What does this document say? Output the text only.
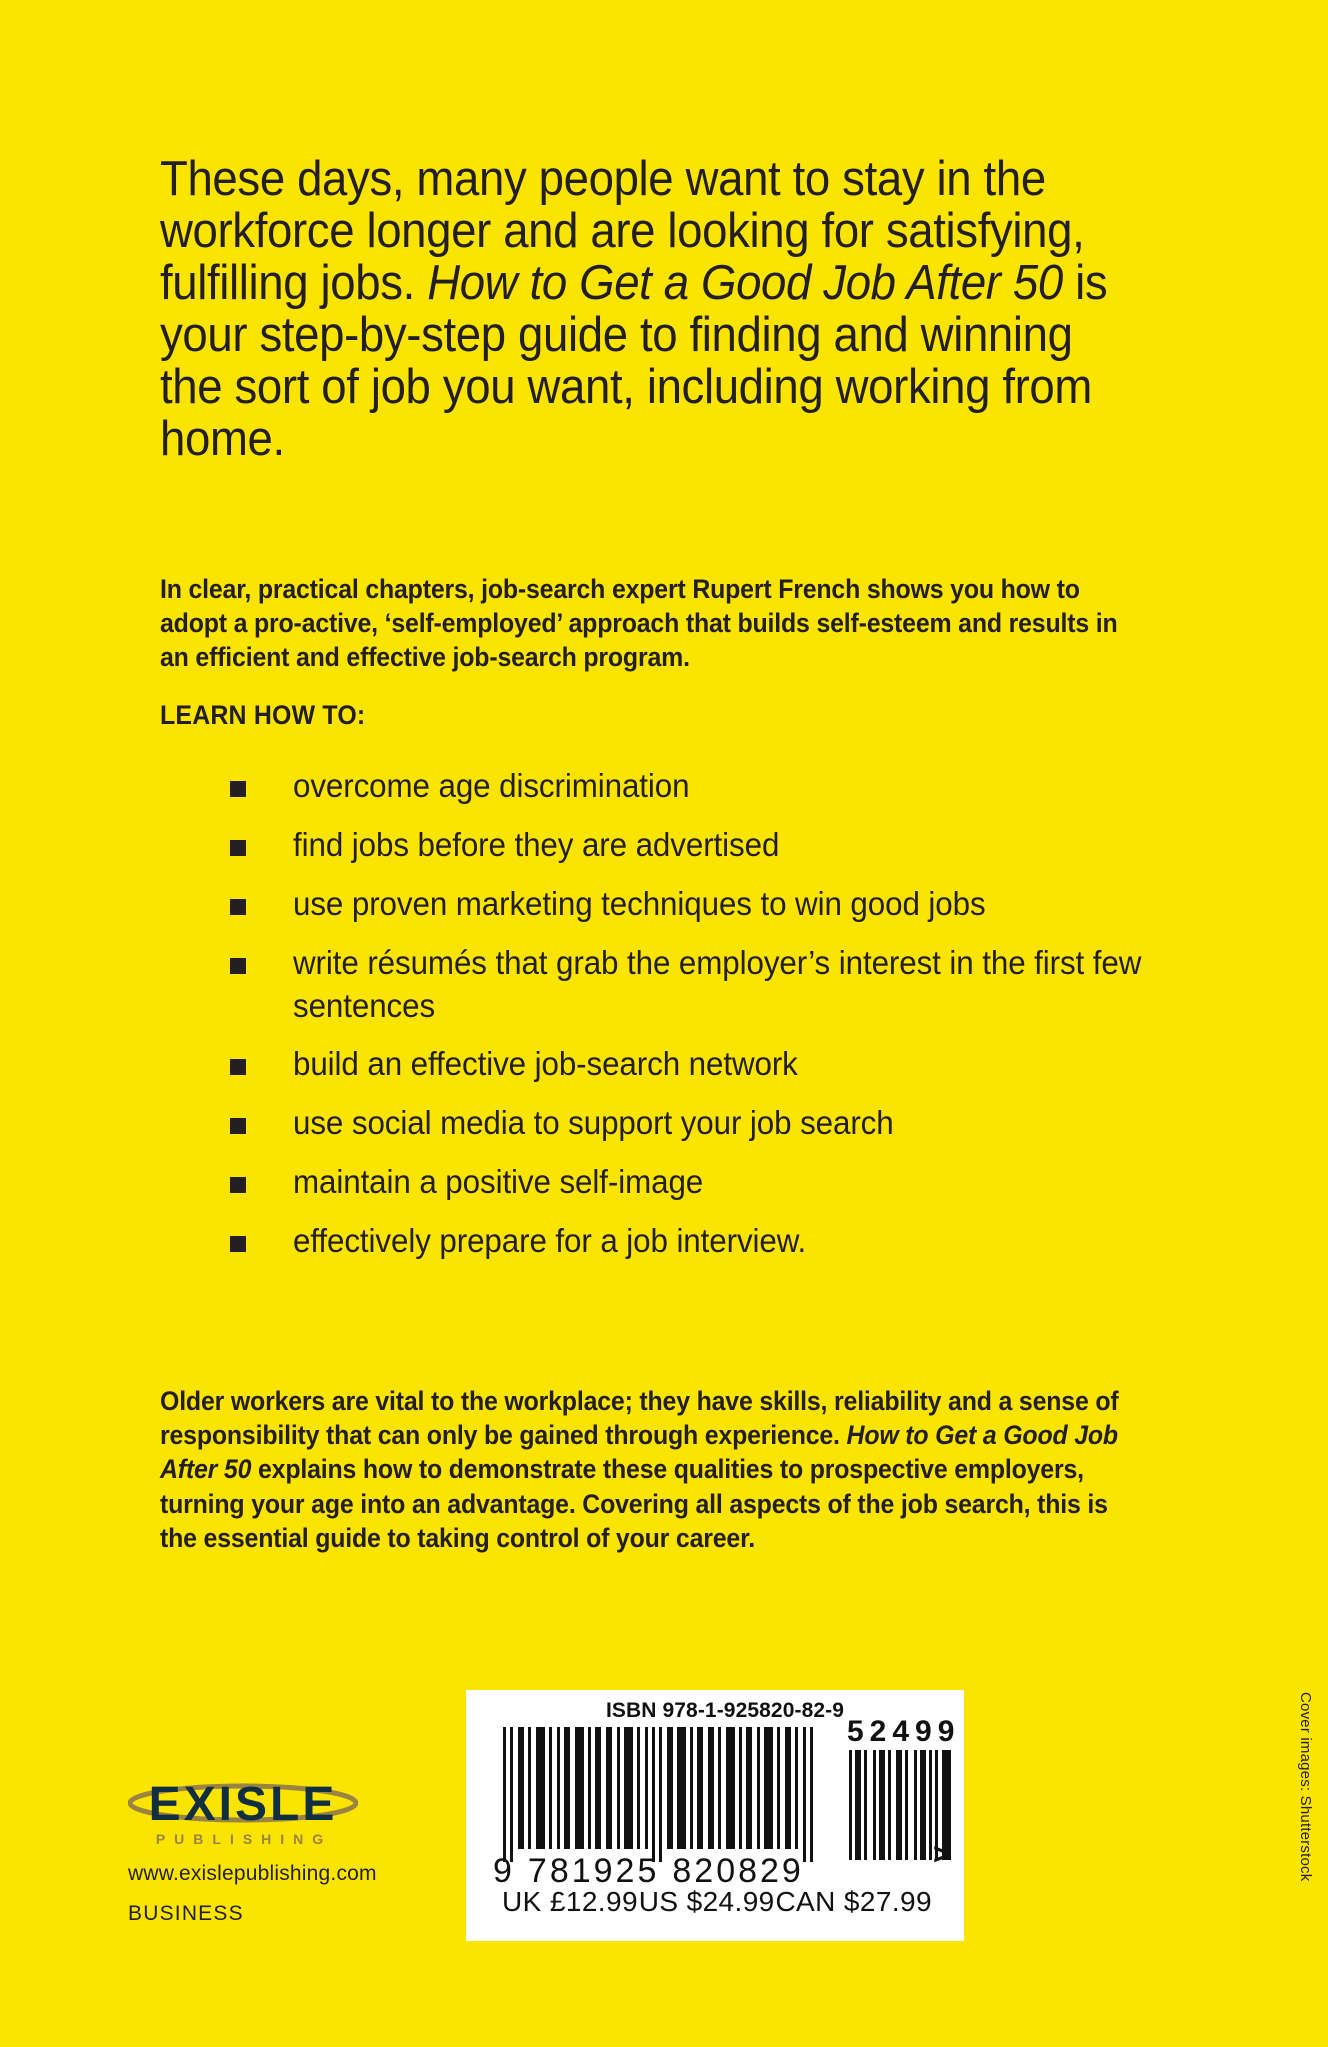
These days, many people want to stay in the workforce longer and are looking for satisfying, fulfilling jobs. How to Get a Good Job After 50 is your step-by-step guide to finding and winning the sort of job you want, including working from home.

In clear, practical chapters, job-search expert Rupert French shows you how to adopt a pro-active, ‘self-employed’ approach that builds self-esteem and results in an efficient and effective job-search program.

LEARN HOW TO:
overcome age discrimination
find jobs before they are advertised
use proven marketing techniques to win good jobs
write résumés that grab the employer’s interest in the first few sentences
build an effective job-search network
use social media to support your job search
maintain a positive self-image
effectively prepare for a job interview.

Older workers are vital to the workplace; they have skills, reliability and a sense of responsibility that can only be gained through experience. How to Get a Good Job After 50 explains how to demonstrate these qualities to prospective employers, turning your age into an advantage. Covering all aspects of the job search, this is the essential guide to taking control of your career.

ISBN 978-1-925820-82-9
9 781925 820829
52499
>
UK £12.99 US $24.99 CAN $27.99
EXISLE
PUBLISHING
www.exislepublishing.com
BUSINESS
Cover images: Shutterstock
